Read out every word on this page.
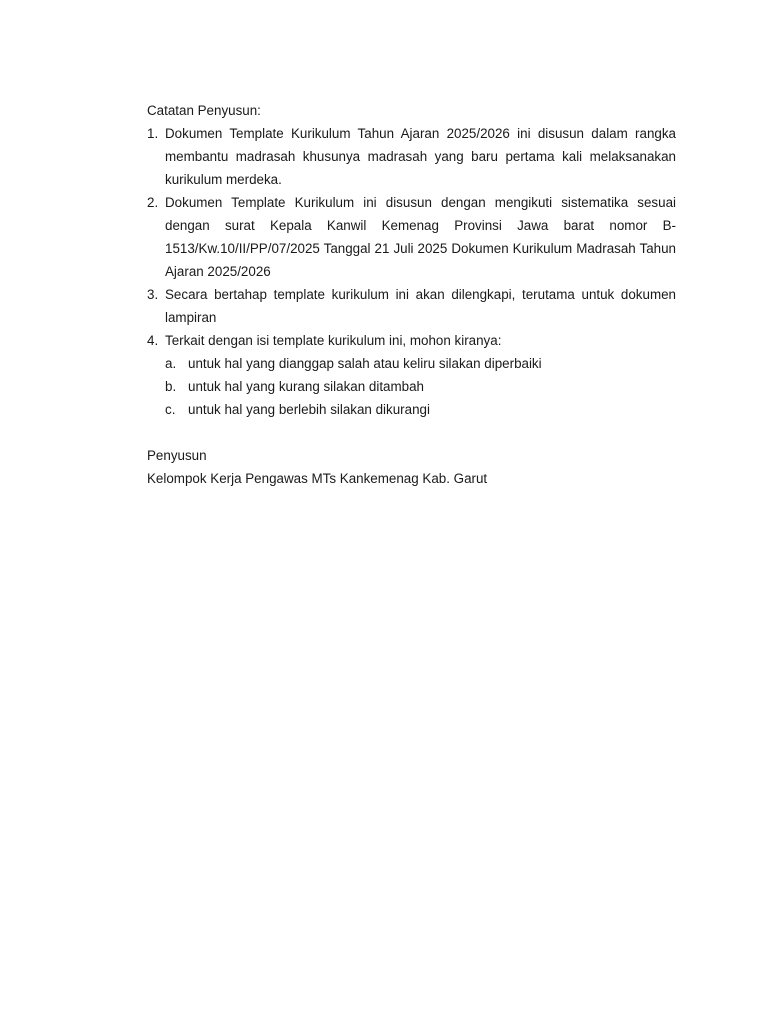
Catatan Penyusun:

1. Dokumen Template Kurikulum Tahun Ajaran 2025/2026 ini disusun dalam rangka membantu madrasah khusunya madrasah yang baru pertama kali melaksanakan kurikulum merdeka.
2. Dokumen Template Kurikulum ini disusun dengan mengikuti sistematika sesuai dengan surat Kepala Kanwil Kemenag Provinsi Jawa barat nomor B-1513/Kw.10/II/PP/07/2025 Tanggal 21 Juli 2025 Dokumen Kurikulum Madrasah Tahun Ajaran 2025/2026
3. Secara bertahap template kurikulum ini akan dilengkapi, terutama untuk dokumen lampiran
4. Terkait dengan isi template kurikulum ini, mohon kiranya:
a. untuk hal yang dianggap salah atau keliru silakan diperbaiki
b. untuk hal yang kurang silakan ditambah
c. untuk hal yang berlebih silakan dikurangi
Penyusun
Kelompok Kerja Pengawas MTs Kankemenag Kab. Garut
